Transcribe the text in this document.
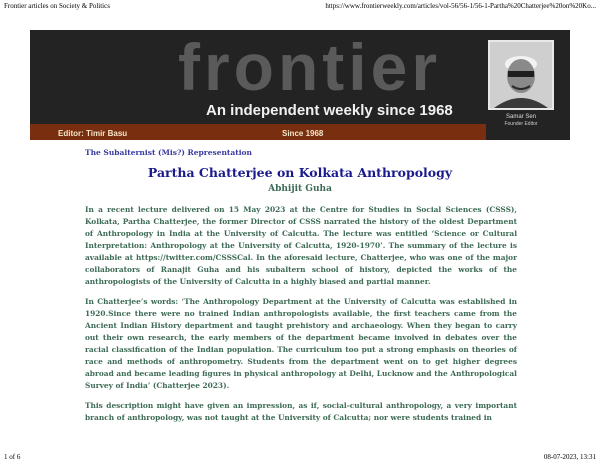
Frontier articles on Society & Politics	https://www.frontierweekly.com/articles/vol-56/56-1/56-1-Partha%20Chatterjee%20on%20Ko...
frontier
An independent weekly since 1968
Editor: Timir Basu	Since 1968
Samar Sen
Founder Editor
The Subalternist (Mis?) Representation
Partha Chatterjee on Kolkata Anthropology
Abhijit Guha

In a recent lecture delivered on 15 May 2023 at the Centre for Studies in Social Sciences (CSSS), Kolkata, Partha Chatterjee, the former Director of CSSS narrated the history of the oldest Department of Anthropology in India at the University of Calcutta. The lecture was entitled ‘Science or Cultural Interpretation: Anthropology at the University of Calcutta, 1920-1970’. The summary of the lecture is available at https://twitter.com/CSSSCal. In the aforesaid lecture, Chatterjee, who was one of the major collaborators of Ranajit Guha and his subaltern school of history, depicted the works of the anthropologists of the University of Calcutta in a highly biased and partial manner.

In Chatterjee’s words: ‘The Anthropology Department at the University of Calcutta was established in 1920.Since there were no trained Indian anthropologists available, the first teachers came from the Ancient Indian History department and taught prehistory and archaeology. When they began to carry out their own research, the early members of the department became involved in debates over the racial classification of the Indian population. The curriculum too put a strong emphasis on theories of race and methods of anthropometry. Students from the department went on to get higher degrees abroad and became leading figures in physical anthropology at Delhi, Lucknow and the Anthropological Survey of India’ (Chatterjee 2023).

This description might have given an impression, as if, social-cultural anthropology, a very important branch of anthropology, was not taught at the University of Calcutta; nor were students trained in

1 of 6	08-07-2023, 13:31
